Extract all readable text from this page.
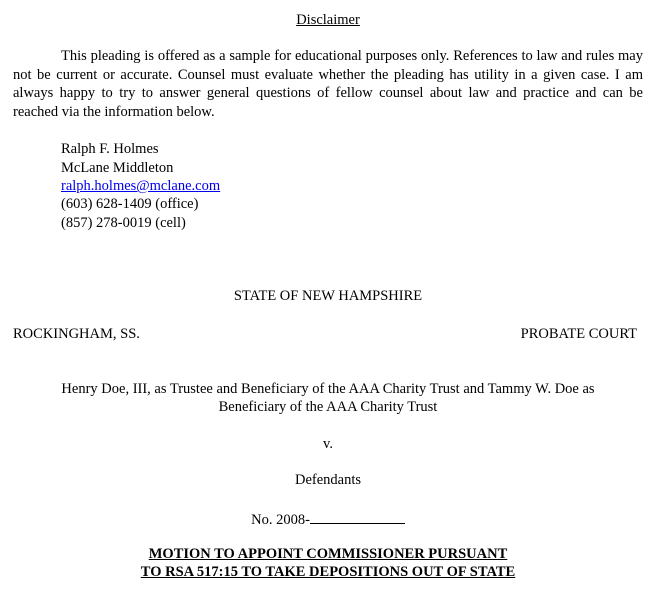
Disclaimer
This pleading is offered as a sample for educational purposes only. References to law and rules may not be current or accurate. Counsel must evaluate whether the pleading has utility in a given case. I am always happy to try to answer general questions of fellow counsel about law and practice and can be reached via the information below.
Ralph F. Holmes
McLane Middleton
ralph.holmes@mclane.com
(603) 628-1409 (office)
(857) 278-0019 (cell)
STATE OF NEW HAMPSHIRE
ROCKINGHAM, SS.	PROBATE COURT
Henry Doe, III, as Trustee and Beneficiary of the AAA Charity Trust and Tammy W. Doe as
Beneficiary of the AAA Charity Trust
v.
Defendants
No. 2008-
MOTION TO APPOINT COMMISSIONER PURSUANT
TO RSA 517:15 TO TAKE DEPOSITIONS OUT OF STATE
